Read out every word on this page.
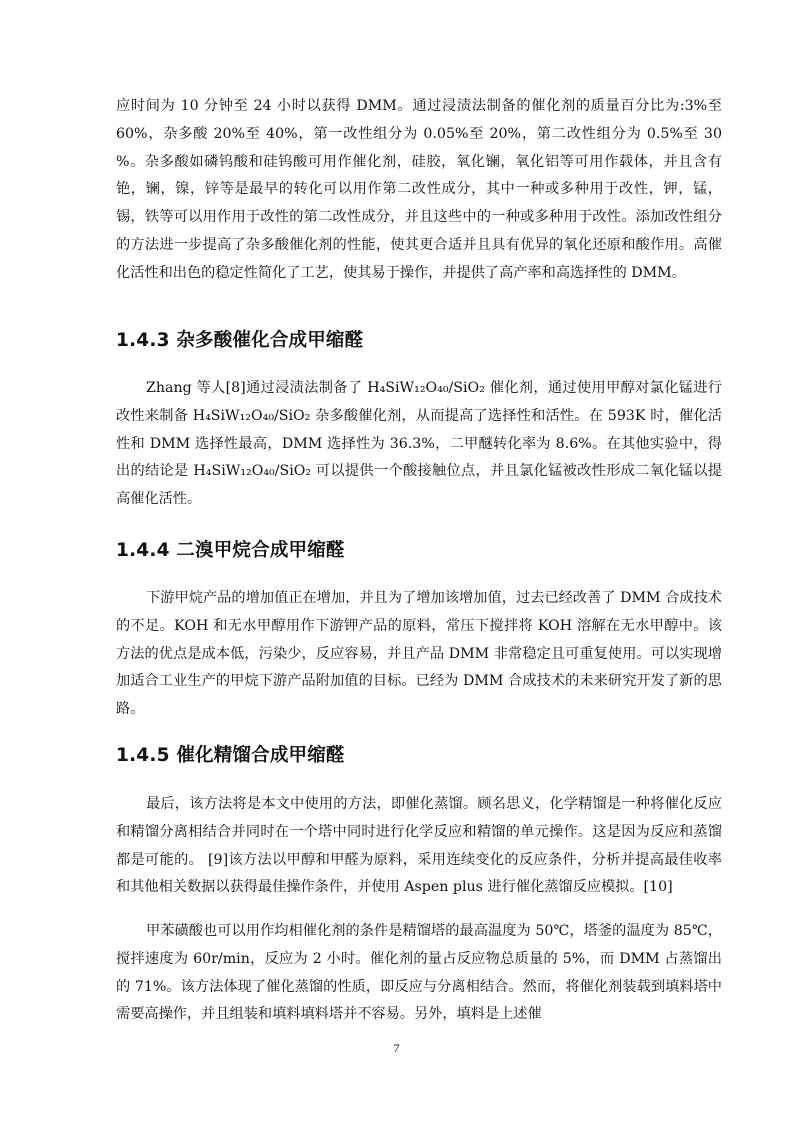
应时间为 10 分钟至 24 小时以获得 DMM。通过浸渍法制备的催化剂的质量百分比为:3%至 60%，杂多酸 20%至 40%，第一改性组分为 0.05%至 20%，第二改性组分为 0.5%至 30 %。杂多酸如磷钨酸和硅钨酸可用作催化剂，硅胶，氧化镧，氧化铝等可用作载体，并且含有铯，镧，镍，锌等是最早的转化可以用作第二改性成分，其中一种或多种用于改性，钾，锰，锡，铁等可以用作用于改性的第二改性成分，并且这些中的一种或多种用于改性。添加改性组分的方法进一步提高了杂多酸催化剂的性能，使其更合适并且具有优异的氧化还原和酸作用。高催化活性和出色的稳定性简化了工艺，使其易于操作，并提供了高产率和高选择性的 DMM。

1.4.3 杂多酸催化合成甲缩醛

Zhang 等人[8]通过浸渍法制备了 H₄SiW₁₂O₄₀/SiO₂ 催化剂，通过使用甲醇对氯化锰进行改性来制备 H₄SiW₁₂O₄₀/SiO₂ 杂多酸催化剂，从而提高了选择性和活性。在 593K 时，催化活性和 DMM 选择性最高，DMM 选择性为 36.3%，二甲醚转化率为 8.6%。在其他实验中，得出的结论是 H₄SiW₁₂O₄₀/SiO₂ 可以提供一个酸接触位点，并且氯化锰被改性形成二氧化锰以提高催化活性。

1.4.4 二溴甲烷合成甲缩醛

下游甲烷产品的增加值正在增加，并且为了增加该增加值，过去已经改善了 DMM 合成技术的不足。KOH 和无水甲醇用作下游钾产品的原料，常压下搅拌将 KOH 溶解在无水甲醇中。该方法的优点是成本低，污染少，反应容易，并且产品 DMM 非常稳定且可重复使用。可以实现增加适合工业生产的甲烷下游产品附加值的目标。已经为 DMM 合成技术的未来研究开发了新的思路。

1.4.5 催化精馏合成甲缩醛

最后，该方法将是本文中使用的方法，即催化蒸馏。顾名思义，化学精馏是一种将催化反应和精馏分离相结合并同时在一个塔中同时进行化学反应和精馏的单元操作。这是因为反应和蒸馏都是可能的。 [9]该方法以甲醇和甲醛为原料，采用连续变化的反应条件，分析并提高最佳收率和其他相关数据以获得最佳操作条件，并使用 Aspen plus 进行催化蒸馏反应模拟。[10]

甲苯磺酸也可以用作均相催化剂的条件是精馏塔的最高温度为 50℃，塔釜的温度为 85℃，搅拌速度为 60r/min，反应为 2 小时。催化剂的量占反应物总质量的 5%，而 DMM 占蒸馏出的 71%。该方法体现了催化蒸馏的性质，即反应与分离相结合。然而，将催化剂装载到填料塔中需要高操作，并且组装和填料填料塔并不容易。另外，填料是上述催

7
